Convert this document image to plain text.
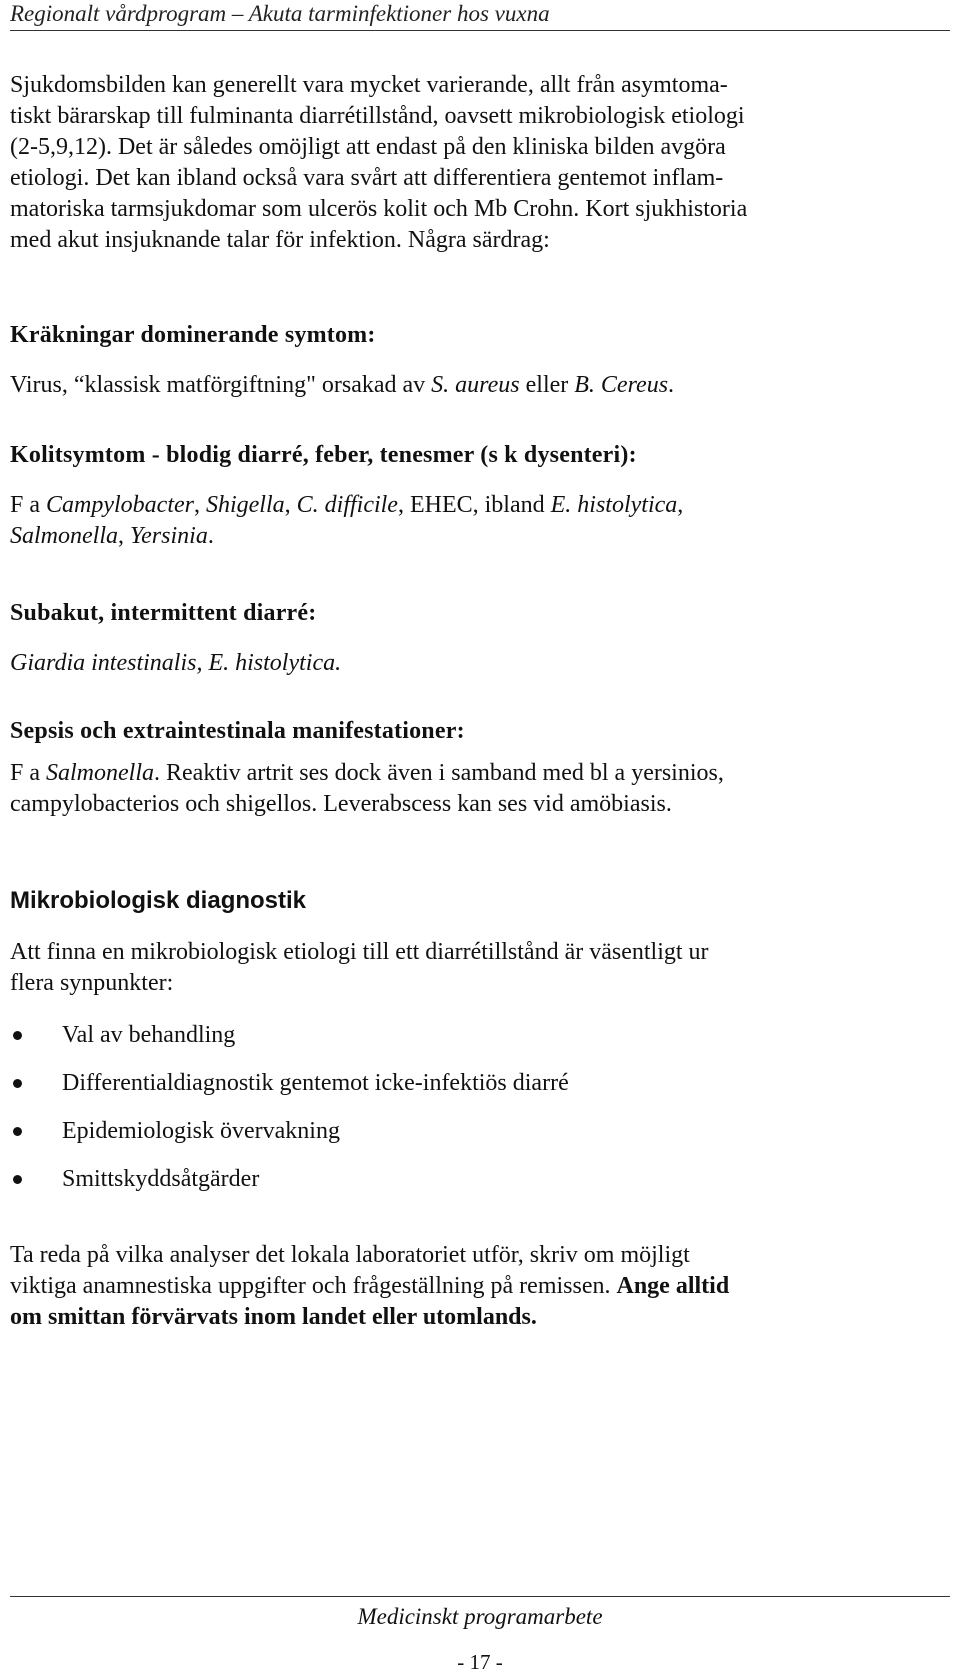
Regionalt vårdprogram – Akuta tarminfektioner hos vuxna

Sjukdomsbilden kan generellt vara mycket varierande, allt från asymtoma-
tiskt bärarskap till fulminanta diarrétillstånd, oavsett mikrobiologisk etiologi
(2-5,9,12). Det är således omöjligt att endast på den kliniska bilden avgöra
etiologi. Det kan ibland också vara svårt att differentiera gentemot inflam-
matoriska tarmsjukdomar som ulcerös kolit och Mb Crohn. Kort sjukhistoria
med akut insjuknande talar för infektion. Några särdrag:

Kräkningar dominerande symtom:

Virus, “klassisk matförgiftning" orsakad av S. aureus eller B. Cereus.

Kolitsymtom - blodig diarré, feber, tenesmer (s k dysenteri):

F a Campylobacter, Shigella, C. difficile, EHEC, ibland E. histolytica,
Salmonella, Yersinia.

Subakut, intermittent diarré:

Giardia intestinalis, E. histolytica.

Sepsis och extraintestinala manifestationer:

F a Salmonella. Reaktiv artrit ses dock även i samband med bl a yersinios,
campylobacterios och shigellos. Leverabscess kan ses vid amöbiasis.

Mikrobiologisk diagnostik

Att finna en mikrobiologisk etiologi till ett diarrétillstånd är väsentligt ur
flera synpunkter:

Val av behandling
Differentialdiagnostik gentemot icke-infektiös diarré
Epidemiologisk övervakning
Smittskyddsåtgärder

Ta reda på vilka analyser det lokala laboratoriet utför, skriv om möjligt
viktiga anamnestiska uppgifter och frågeställning på remissen. Ange alltid
om smittan förvärvats inom landet eller utomlands.

Medicinskt programarbete
- 17 -
